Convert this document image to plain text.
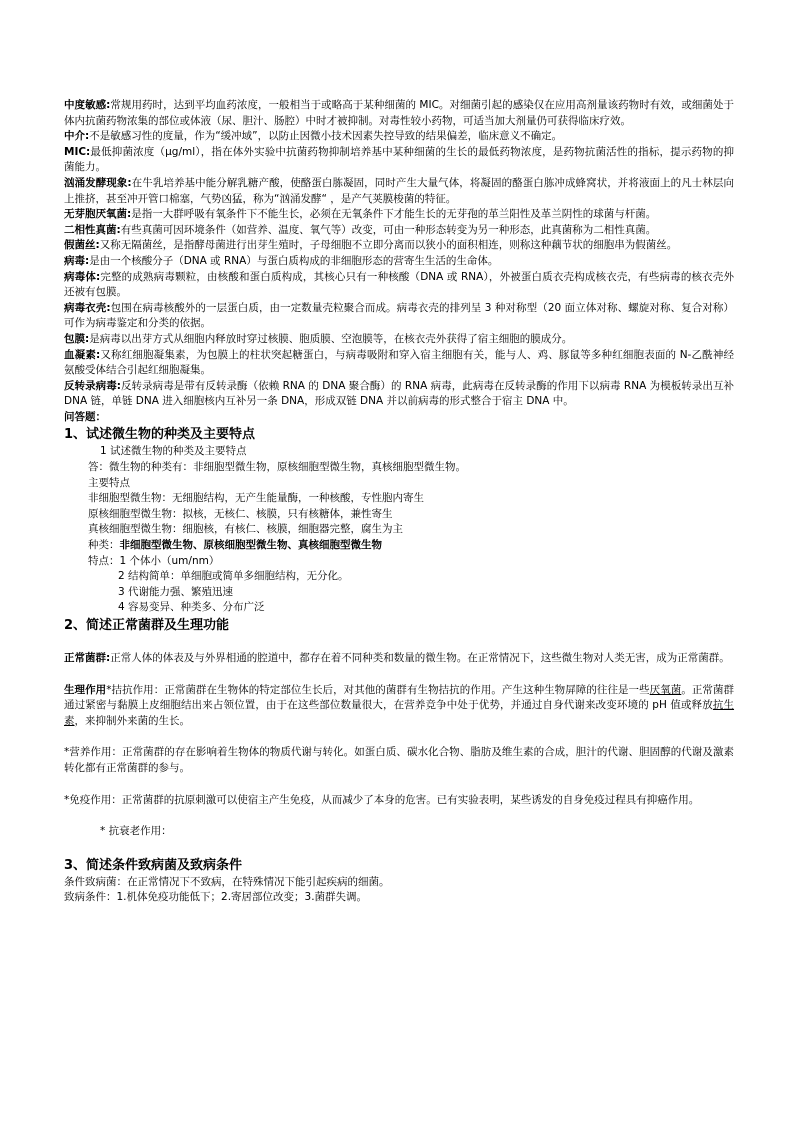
中度敏感:常规用药时，达到平均血药浓度，一般相当于或略高于某种细菌的 MIC。对细菌引起的感染仅在应用高剂量该药物时有效，或细菌处于体内抗菌药物浓集的部位或体液（尿、胆汁、肠腔）中时才被抑制。对毒性较小药物，可适当加大剂量仍可获得临床疗效。

中介:不是敏感习性的度量，作为“缓冲域”，以防止因微小技术因素失控导致的结果偏差，临床意义不确定。

MIC:最低抑菌浓度（μg/ml），指在体外实验中抗菌药物抑制培养基中某种细菌的生长的最低药物浓度，是药物抗菌活性的指标，提示药物的抑菌能力。

汹涌发酵现象:在牛乳培养基中能分解乳糖产酸，使酪蛋白胨凝固，同时产生大量气体，将凝固的酪蛋白胨冲成蜂窝状，并将液面上的凡士林层向上推挤，甚至冲开管口棉塞，气势凶猛，称为“汹涌发酵“ ，是产气荚膜梭菌的特征。

无芽胞厌氧菌:是指一大群呼吸有氧条件下不能生长，必须在无氧条件下才能生长的无芽孢的革兰阳性及革兰阴性的球菌与杆菌。

二相性真菌:有些真菌可因环境条件（如营养、温度、氧气等）改变，可由一种形态转变为另一种形态，此真菌称为二相性真菌。

假菌丝:又称无隔菌丝，是指酵母菌进行出芽生殖时，子母细胞不立即分离而以狭小的面积相连，则称这种藕节状的细胞串为假菌丝。

病毒:是由一个核酸分子（DNA 或 RNA）与蛋白质构成的非细胞形态的营寄生生活的生命体。

病毒体:完整的成熟病毒颗粒，由核酸和蛋白质构成，其核心只有一种核酸（DNA 或 RNA），外被蛋白质衣壳构成核衣壳，有些病毒的核衣壳外还被有包膜。

病毒衣壳:包围在病毒核酸外的一层蛋白质，由一定数量壳粒聚合而成。病毒衣壳的排列呈 3 种对称型（20 面立体对称、螺旋对称、复合对称）可作为病毒鉴定和分类的依据。

包膜:是病毒以出芽方式从细胞内释放时穿过核膜、胞质膜、空泡膜等，在核衣壳外获得了宿主细胞的膜成分。

血凝素:又称红细胞凝集素，为包膜上的柱状突起糖蛋白，与病毒吸附和穿入宿主细胞有关，能与人、鸡、豚鼠等多种红细胞表面的 N-乙酰神经氨酸受体结合引起红细胞凝集。

反转录病毒:反转录病毒是带有反转录酶（依赖 RNA 的 DNA 聚合酶）的 RNA 病毒，此病毒在反转录酶的作用下以病毒 RNA 为模板转录出互补 DNA 链，单链 DNA 进入细胞核内互补另一条 DNA，形成双链 DNA 并以前病毒的形式整合于宿主 DNA 中。

问答题：

1、试述微生物的种类及主要特点

1 试述微生物的种类及主要特点

答：微生物的种类有：非细胞型微生物，原核细胞型微生物，真核细胞型微生物。

主要特点

非细胞型微生物：无细胞结构，无产生能量酶，一种核酸，专性胞内寄生

原核细胞型微生物：拟核，无核仁、核膜，只有核糖体，兼性寄生

真核细胞型微生物：细胞核，有核仁、核膜，细胞器完整，腐生为主

种类：非细胞型微生物、原核细胞型微生物、真核细胞型微生物

特点：1 个体小（um/nm）

2 结构简单：单细胞或简单多细胞结构，无分化。

3 代谢能力强、繁殖迅速

4 容易变异、种类多、分布广泛

2、简述正常菌群及生理功能

正常菌群:正常人体的体表及与外界相通的腔道中，都存在着不同种类和数量的微生物。在正常情况下，这些微生物对人类无害，成为正常菌群。

生理作用*拮抗作用：正常菌群在生物体的特定部位生长后，对其他的菌群有生物拮抗的作用。产生这种生物屏障的往往是一些厌氧菌。正常菌群通过紧密与黏膜上皮细胞结出来占领位置，由于在这些部位数量很大，在营养竞争中处于优势，并通过自身代谢来改变环境的 pH 值或释放抗生素，来抑制外来菌的生长。

*营养作用：正常菌群的存在影响着生物体的物质代谢与转化。如蛋白质、碳水化合物、脂肪及维生素的合成，胆汁的代谢、胆固醇的代谢及激素转化都有正常菌群的参与。

*免疫作用：正常菌群的抗原刺激可以使宿主产生免疫，从而减少了本身的危害。已有实验表明，某些诱发的自身免疫过程具有抑癌作用。

* 抗衰老作用：

3、简述条件致病菌及致病条件

条件致病菌：在正常情况下不致病，在特殊情况下能引起疾病的细菌。

致病条件：1.机体免疫功能低下；2.寄居部位改变；3.菌群失调。
